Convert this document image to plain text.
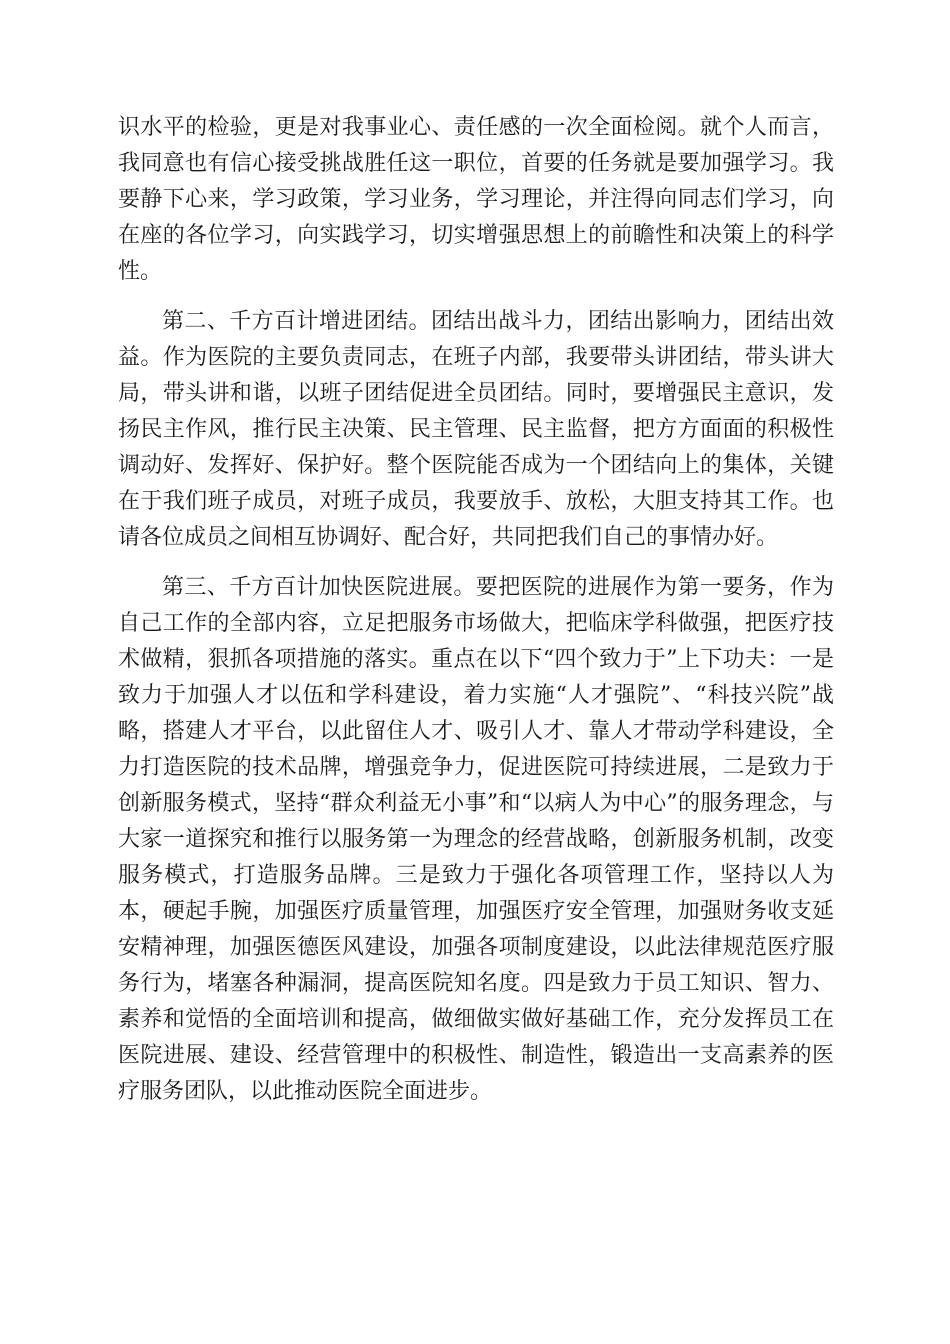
识水平的检验，更是对我事业心、责任感的一次全面检阅。就个人而言，我同意也有信心接受挑战胜任这一职位，首要的任务就是要加强学习。我要静下心来，学习政策，学习业务，学习理论，并注得向同志们学习，向在座的各位学习，向实践学习，切实增强思想上的前瞻性和决策上的科学性。

第二、千方百计增进团结。团结出战斗力，团结出影响力，团结出效益。作为医院的主要负责同志，在班子内部，我要带头讲团结，带头讲大局，带头讲和谐，以班子团结促进全员团结。同时，要增强民主意识，发扬民主作风，推行民主决策、民主管理、民主监督，把方方面面的积极性调动好、发挥好、保护好。整个医院能否成为一个团结向上的集体，关键在于我们班子成员，对班子成员，我要放手、放松，大胆支持其工作。也请各位成员之间相互协调好、配合好，共同把我们自己的事情办好。

第三、千方百计加快医院进展。要把医院的进展作为第一要务，作为自己工作的全部内容，立足把服务市场做大，把临床学科做强，把医疗技术做精，狠抓各项措施的落实。重点在以下“四个致力于”上下功夫：一是致力于加强人才以伍和学科建设，着力实施“人才强院”、“科技兴院”战略，搭建人才平台，以此留住人才、吸引人才、靠人才带动学科建设，全力打造医院的技术品牌，增强竞争力，促进医院可持续进展，二是致力于创新服务模式，坚持“群众利益无小事”和“以病人为中心”的服务理念，与大家一道探究和推行以服务第一为理念的经营战略，创新服务机制，改变服务模式，打造服务品牌。三是致力于强化各项管理工作，坚持以人为本，硬起手腕，加强医疗质量管理，加强医疗安全管理，加强财务收支延安精神理，加强医德医风建设，加强各项制度建设，以此法律规范医疗服务行为，堵塞各种漏洞，提高医院知名度。四是致力于员工知识、智力、素养和觉悟的全面培训和提高，做细做实做好基础工作，充分发挥员工在医院进展、建设、经营管理中的积极性、制造性，锻造出一支高素养的医疗服务团队，以此推动医院全面进步。
